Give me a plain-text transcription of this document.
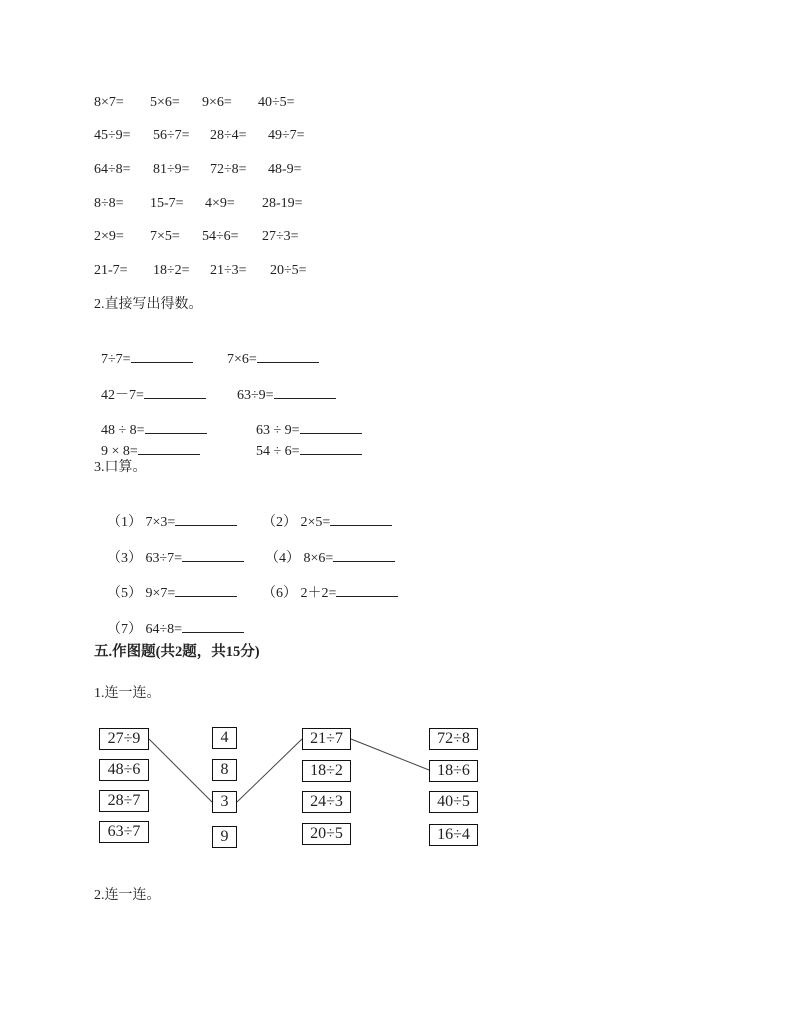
8×7= 5×6= 9×6= 40÷5=
45÷9= 56÷7= 28÷4= 49÷7=
64÷8= 81÷9= 72÷8= 48-9=
8÷8= 15-7= 4×9= 28-19=
2×9= 7×5= 54÷6= 27÷3=
21-7= 18÷2= 21÷3= 20÷5=
2.直接写出得数。

7÷7=	7×6=

42－7=	63÷9=

48 ÷ 8=	63 ÷ 9=

9 × 8=	54 ÷ 6=

3.口算。

（1） 7×3=	（2） 2×5=

（3） 63÷7=	（4） 8×6=

（5） 9×7=	（6） 2＋2=

（7） 64÷8=

五.作图题(共2题，共15分)
1.连一连。
27÷9
48÷6
28÷7
63÷7
4
8
3
9
21÷7
18÷2
24÷3
20÷5
72÷8
18÷6
40÷5
16÷4
2.连一连。
